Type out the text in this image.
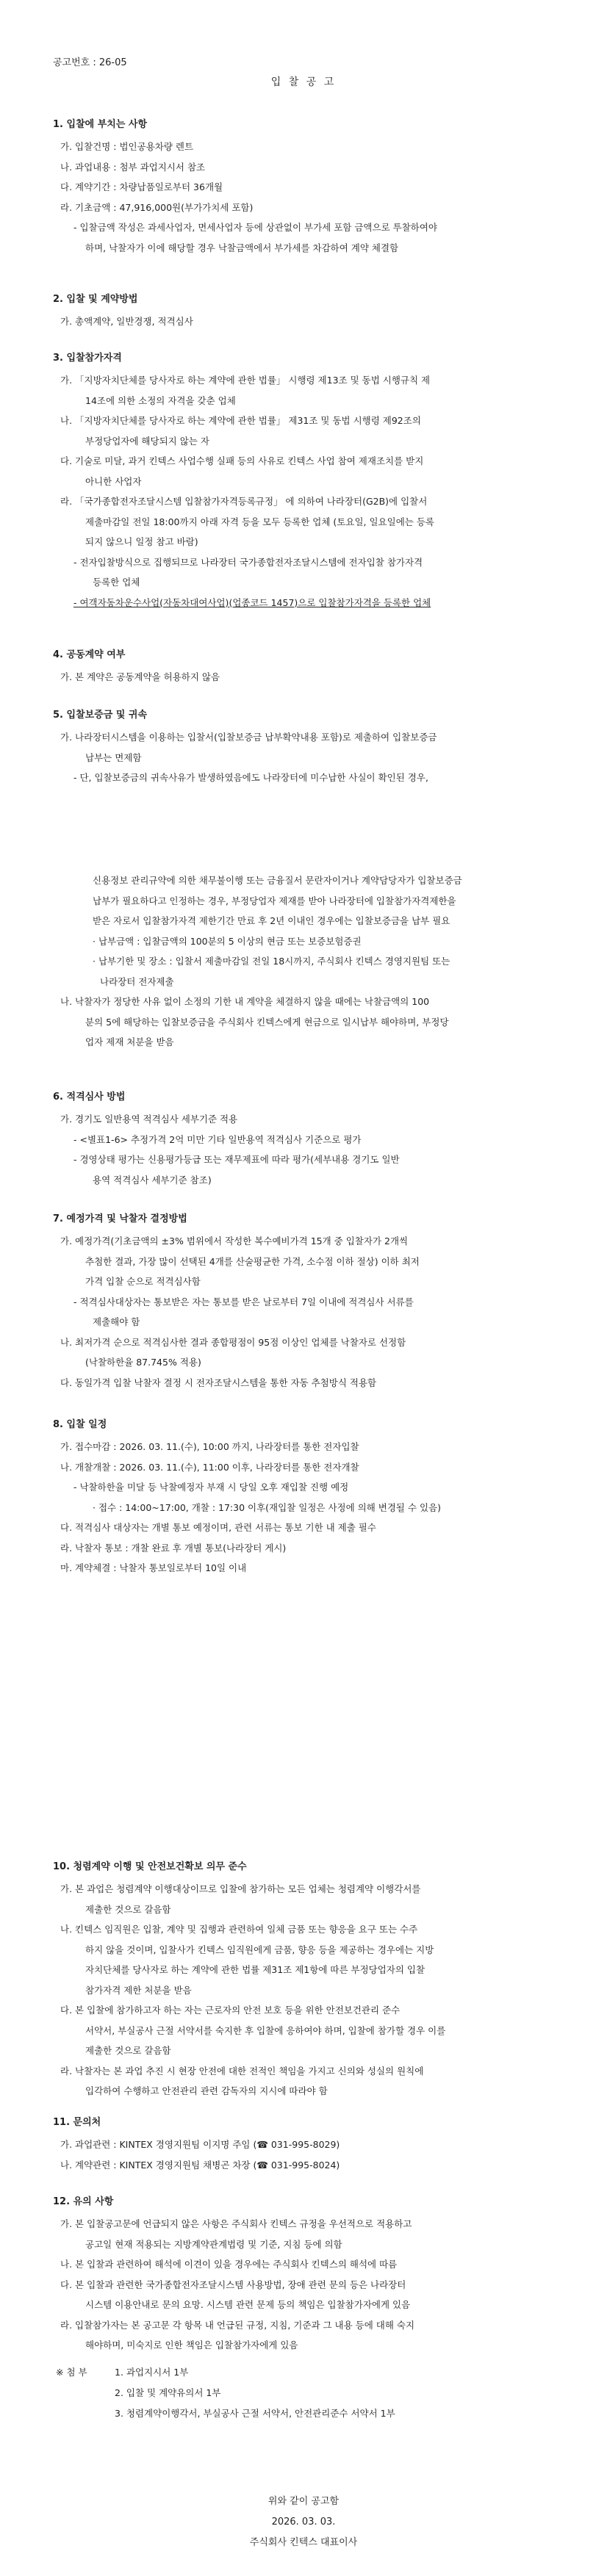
공고번호 : 26-05
입 찰 공 고
1. 입찰에 부치는 사항
가. 입찰건명 : 법인공용차량 렌트
나. 과업내용 : 첨부 과업지시서 참조
다. 계약기간 : 차량납품일로부터 36개월
라. 기초금액 : 47,916,000원(부가가치세 포함)
- 입찰금액 작성은 과세사업자, 면세사업자 등에 상관없이 부가세 포함 금액으로 투찰하여야
하며, 낙찰자가 이에 해당할 경우 낙찰금액에서 부가세를 차감하여 계약 체결함
2. 입찰 및 계약방법
가. 총액계약, 일반경쟁, 적격심사
3. 입찰참가자격
가. 「지방자치단체를 당사자로 하는 계약에 관한 법률」 시행령 제13조 및 동법 시행규칙 제
14조에 의한 소정의 자격을 갖춘 업체
나. 「지방자치단체를 당사자로 하는 계약에 관한 법률」 제31조 및 동법 시행령 제92조의
부정당업자에 해당되지 않는 자
다. 기술로 미달, 과거 킨텍스 사업수행 실패 등의 사유로 킨텍스 사업 참여 제재조치를 받지
아니한 사업자
라. 「국가종합전자조달시스템 입찰참가자격등록규정」 에 의하여 나라장터(G2B)에 입찰서
제출마감일 전일 18:00까지 아래 자격 등을 모두 등록한 업체 (토요일, 일요일에는 등록
되지 않으니 일정 참고 바람)
- 전자입찰방식으로 집행되므로 나라장터 국가종합전자조달시스템에 전자입찰 참가자격
등록한 업체
- 여객자동차운수사업(자동차대여사업)(업종코드 1457)으로 입찰참가자격을 등록한 업체
4. 공동계약 여부
가. 본 계약은 공동계약을 허용하지 않음
5. 입찰보증금 및 귀속
가. 나라장터시스템을 이용하는 입찰서(입찰보증금 납부확약내용 포함)로 제출하여 입찰보증금
납부는 면제함
- 단, 입찰보증금의 귀속사유가 발생하였음에도 나라장터에 미수납한 사실이 확인된 경우,
신용정보 관리규약에 의한 채무불이행 또는 금융질서 문란자이거나 계약담당자가 입찰보증금
납부가 필요하다고 인정하는 경우, 부정당업자 제재를 받아 나라장터에 입찰참가자격제한을
받은 자로서 입찰참가자격 제한기간 만료 후 2년 이내인 경우에는 입찰보증금을 납부 필요
· 납부금액 : 입찰금액의 100분의 5 이상의 현금 또는 보증보험증권
· 납부기한 및 장소 : 입찰서 제출마감일 전일 18시까지, 주식회사 킨텍스 경영지원팀 또는
나라장터 전자제출
나. 낙찰자가 정당한 사유 없이 소정의 기한 내 계약을 체결하지 않을 때에는 낙찰금액의 100
분의 5에 해당하는 입찰보증금을 주식회사 킨텍스에게 현금으로 일시납부 해야하며, 부정당
업자 제재 처분을 받음
6. 적격심사 방법
가. 경기도 일반용역 적격심사 세부기준 적용
- <별표1-6> 추정가격 2억 미만 기타 일반용역 적격심사 기준으로 평가
- 경영상태 평가는 신용평가등급 또는 재무제표에 따라 평가(세부내용 경기도 일반
용역 적격심사 세부기준 참조)
7. 예정가격 및 낙찰자 결정방법
가. 예정가격(기초금액의 ±3% 범위에서 작성한 복수예비가격 15개 중 입찰자가 2개씩
추첨한 결과, 가장 많이 선택된 4개를 산술평균한 가격, 소수점 이하 절상) 이하 최저
가격 입찰 순으로 적격심사함
- 적격심사대상자는 통보받은 자는 통보를 받은 날로부터 7일 이내에 적격심사 서류를
제출해야 함
나. 최저가격 순으로 적격심사한 결과 종합평점이 95점 이상인 업체를 낙찰자로 선정함
(낙찰하한율 87.745% 적용)
다. 동일가격 입찰 낙찰자 결정 시 전자조달시스템을 통한 자동 추첨방식 적용함
8. 입찰 일정
가. 접수마감 : 2026. 03. 11.(수), 10:00 까지, 나라장터를 통한 전자입찰
나. 개찰개찰 : 2026. 03. 11.(수), 11:00 이후, 나라장터를 통한 전자개찰
- 낙찰하한율 미달 등 낙찰예정자 부재 시 당일 오후 재입찰 진행 예정
· 접수 : 14:00~17:00, 개찰 : 17:30 이후(재입찰 일정은 사정에 의해 변경될 수 있음)
다. 적격심사 대상자는 개별 통보 예정이며, 관련 서류는 통보 기한 내 제출 필수
라. 낙찰자 통보 : 개찰 완료 후 개별 통보(나라장터 게시)
마. 계약체결 : 낙찰자 통보일로부터 10일 이내
10. 청렴계약 이행 및 안전보건확보 의무 준수
가. 본 과업은 청렴계약 이행대상이므로 입찰에 참가하는 모든 업체는 청렴계약 이행각서를
제출한 것으로 갈음함
나. 킨텍스 임직원은 입찰, 계약 및 집행과 관련하여 일체 금품 또는 향응을 요구 또는 수주
하지 않을 것이며, 입찰사가 킨텍스 임직원에게 금품, 향응 등을 제공하는 경우에는 지방
자치단체를 당사자로 하는 계약에 관한 법률 제31조 제1항에 따른 부정당업자의 입찰
참가자격 제한 처분을 받음
다. 본 입찰에 참가하고자 하는 자는 근로자의 안전 보호 등을 위한 안전보건관리 준수
서약서, 부실공사 근절 서약서를 숙지한 후 입찰에 응하여야 하며, 입찰에 참가할 경우 이를
제출한 것으로 갈음함
라. 낙찰자는 본 과업 추진 시 현장 안전에 대한 전적인 책임을 가지고 신의와 성실의 원칙에
입각하여 수행하고 안전관리 관련 감독자의 지시에 따라야 함
11. 문의처
가. 과업관련 : KINTEX 경영지원팀 이지명 주임 (☎ 031-995-8029)
나. 계약관련 : KINTEX 경영지원팀 채병곤 차장 (☎ 031-995-8024)
12. 유의 사항
가. 본 입찰공고문에 언급되지 않은 사항은 주식회사 킨텍스 규정을 우선적으로 적용하고
공고일 현재 적용되는 지방계약관계법령 및 기준, 지침 등에 의함
나. 본 입찰과 관련하여 해석에 이견이 있을 경우에는 주식회사 킨텍스의 해석에 따름
다. 본 입찰과 관련한 국가종합전자조달시스템 사용방법, 장애 관련 문의 등은 나라장터
시스템 이용안내로 문의 요망. 시스템 관련 문제 등의 책임은 입찰참가자에게 있음
라. 입찰참가자는 본 공고문 각 항목 내 언급된 규정, 지침, 기준과 그 내용 등에 대해 숙지
해야하며, 미숙지로 인한 책임은 입찰참가자에게 있음
※ 첨 부	1. 과업지시서 1부
2. 입찰 및 계약유의서 1부
3. 청렴계약이행각서, 부실공사 근절 서약서, 안전관리준수 서약서 1부
위와 같이 공고함
2026. 03. 03.
주식회사 킨텍스 대표이사
